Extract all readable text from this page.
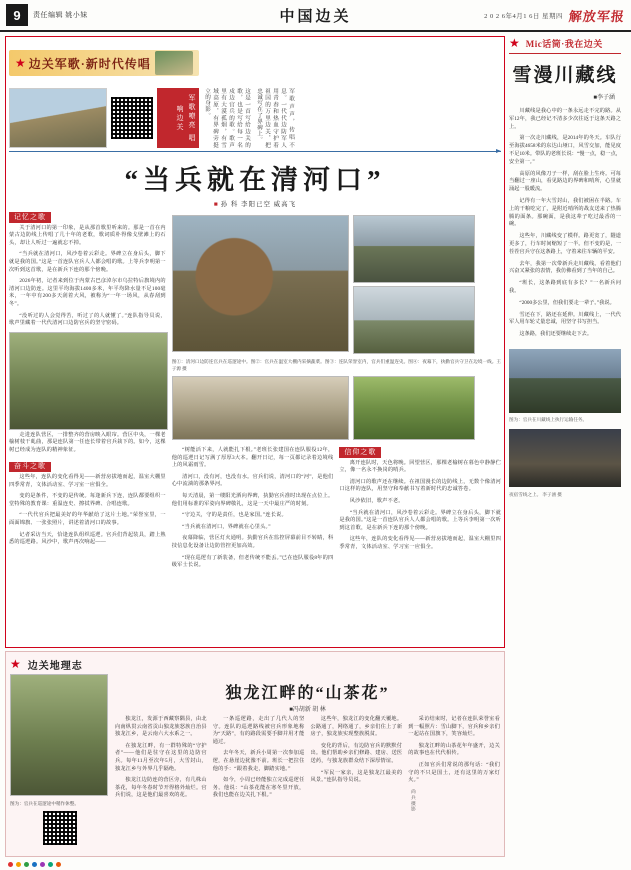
9	责任编辑 姚小妹	中国边关	2 0 2 6年4月1 6日 星期四 解放军报
★ 边关军歌·新时代传唱
军歌嘹亮 唱响边关	这是一首写给边关的歌，也是写给每一名戍边官兵的歌。歌声里有大漠孤烟，有雪域高原，有界碑旁挺立的身影。	军歌声声，传唱不息。一代代边防军人用青春和热血守护着祖国的万里边关，把忠诚写在了界碑上。
“当兵就在清河口”
■ 孙 科 李阳已空 威高飞
记忆之歌

关于清河口的第一印象，是从那首歌里听来的。那是一首在内蒙古边防线上传唱了几十年的老歌，歌词质朴得像戈壁滩上的石头，却让人听过一遍就忘不掉。

“当兵就在清河口，风沙卷着云彩走。界碑立在身后头，脚下就是我的国。”这是一首连队官兵人人都会唱的歌。上等兵李明第一次听到这首歌，是在新兵下连的那个傍晚。

2026年初，记者来到位于内蒙古巴彦淖尔市乌拉特后旗境内的清河口边防连。这里平均海拔1400多米，年平均降水量不足100毫米，一年中有200多天刮着大风，被称为“一年一场风，从春刮到冬”。

“没听过的人会觉得苦，听过了的人就懂了。”连队指导员说，歌声里藏着一代代清河口边防官兵的坚守密码。

走进连队营区，一排整齐的营房映入眼帘。营区中央，一棵老榆树枝干虬曲，那是连队第一任连长带着官兵栽下的。如今，这棵树已经成为连队的精神象征。

奋斗之歌

这些年，连队的变化看得见——新营房拔地而起，温室大棚里四季常青，文体活动室、学习室一应俱全。

变的是条件，不变的是传统。每逢新兵下连，连队都要组织一堂特殊的教育课：重温连史、擦拭界碑、合唱连歌。

“一代代官兵把最美好的年华献给了这片土地。”荣誉室里，一面面锦旗、一张张照片，讲述着清河口的故事。

记者采访当天，恰逢连队组织巡逻。官兵们背起装具，踏上熟悉的巡逻路。风沙中，歌声再次响起——

图①：清河口边防连官兵在巡逻途中。图②：官兵在温室大棚内采摘蔬菜。图③：连队荣誉室内，官兵们重温连史。图④：夜幕下，执勤官兵守卫在边境一线。王子源 摄

“树能活下来，人就能扎下根。”老班长张建国在连队服役12年，他的巡逻日记写满了厚厚3大本。翻开日记，每一页都记录着边境线上的风霜雨雪。

清河口，没有河，也没有水。官兵们说，清河口的“河”，是他们心中流淌的那条界河。

每天清晨，第一缕阳光洒向界碑，执勤官兵准时出现在点位上。他们用标准的军姿向界碑敬礼，这是一天中最庄严的时刻。

“守边关，守的是责任，也是家国。”连长说。

“当兵就在清河口，界碑就在心里头。”

夜幕降临，营区灯火通明。执勤官兵在监控屏幕前目不转睛，科技信息化设备让边防管控更加高效。

“现在巡逻有了新装备，但老传统不能丢。”已在连队服役8年的四级军士长说。

信仰之歌

离开连队时，天色将晚。回望营区，那棵老榆树在暮色中静静伫立，像一名永不换岗的哨兵。

清河口的歌声还在继续。在祖国漫长的边防线上，无数个像清河口这样的连队，用坚守和奉献书写着新时代的忠诚答卷。

风沙依旧，歌声不老。

“当兵就在清河口，风沙卷着云彩走。界碑立在身后头，脚下就是我的国。”这是一首连队官兵人人都会唱的歌。上等兵李明第一次听到这首歌，是在新兵下连的那个傍晚。

这些年，连队的变化看得见——新营房拔地而起，温室大棚里四季常青，文体活动室、学习室一应俱全。

★ 边关地理志
图为：官兵在巡逻途中稍作休整。
独龙江畔的“山茶花”
■冯胡新 胡 林

独龙江，发源于西藏察隅县，由北向南纵贯云南省贡山独龙族怒族自治县独龙江乡，是云南六大水系之一。

在独龙江畔，有一群特殊的“守护者”——他们是驻守在这里的边防官兵。每年11月至次年5月，大雪封山，独龙江乡与外界几乎隔绝。

独龙江边防连的营区旁，有几株山茶花，每年冬春时节开得格外灿烂。官兵们说，这是他们最喜欢的花。

一条巡逻路，走出了几代人的坚守。连队的巡逻路线被官兵形象地称为“天路”，有的路段需要手脚并用才能通过。

去年冬天，新兵小周第一次参加巡逻，在悬崖边犹豫不前。班长一把拉住他的手：“跟着我走，脚踏实地。”

如今，小周已经能独立完成巡逻任务。他说：“山茶花能在寒冬里开放，我们也能在边关扎下根。”

这些年，独龙江的变化翻天覆地。公路通了，网络通了，乡亲们住上了新房子，独龙族实现整族脱贫。

变化的背后，有边防官兵的默默付出。他们帮助乡亲们修路、建房、送医送药，与独龙族群众结下深厚情谊。

“军民一家亲，这是独龙江最美的风景。”连队指导员说。

采访结束时，记者在连队荣誉室看到一幅照片：雪山脚下，官兵和乡亲们一起站在国旗下，笑容灿烂。

独龙江畔的山茶花年年盛开，边关的故事也在代代相传。

正如官兵们常说的那句话：“我们守的不只是国土，还有这里的万家灯火。”

尚兵摄影
★ Mic话筒·我在边关
雪漫川藏线
■李子涵

川藏线是我心中的一条永远走不完的路。从军12年，我已经记不清多少次往返于这条天路之上。

第一次走川藏线，是2014年的冬天。车队行至海拔4658米的东达山垭口，风雪交加，能见度不足10米。带队的老班长说：“慢一点，稳一点，安全第一。”

高原的风像刀子一样，刮在脸上生疼。可每当翻过一座山，看见路边的界碑和哨所，心里就涌起一股暖流。

记得有一年大雪封山，我们被困在半路。车上的干粮吃完了，是附近哨所的战友送来了热腾腾的面条。那碗面，是我这辈子吃过最香的一碗。

这些年，川藏线变了模样。路更宽了，隧道更多了，行车时间缩短了一半。但不变的是，一茬茬官兵守在这条路上，守着来往车辆的平安。

去年，我第一次带新兵走川藏线。看着他们兴奋又紧张的表情，我仿佛看到了当年的自己。

“班长，这条路到底有多长？”一名新兵问我。

“2000多公里，但我们要走一辈子。”我说。

雪还在下，路还在延伸。川藏线上，一代代军人用车轮丈量忠诚，用坚守书写担当。

这条路，我们还要继续走下去。

图为：官兵在川藏线上执行运输任务。
夜宿雪线之上。 李子涵 摄
